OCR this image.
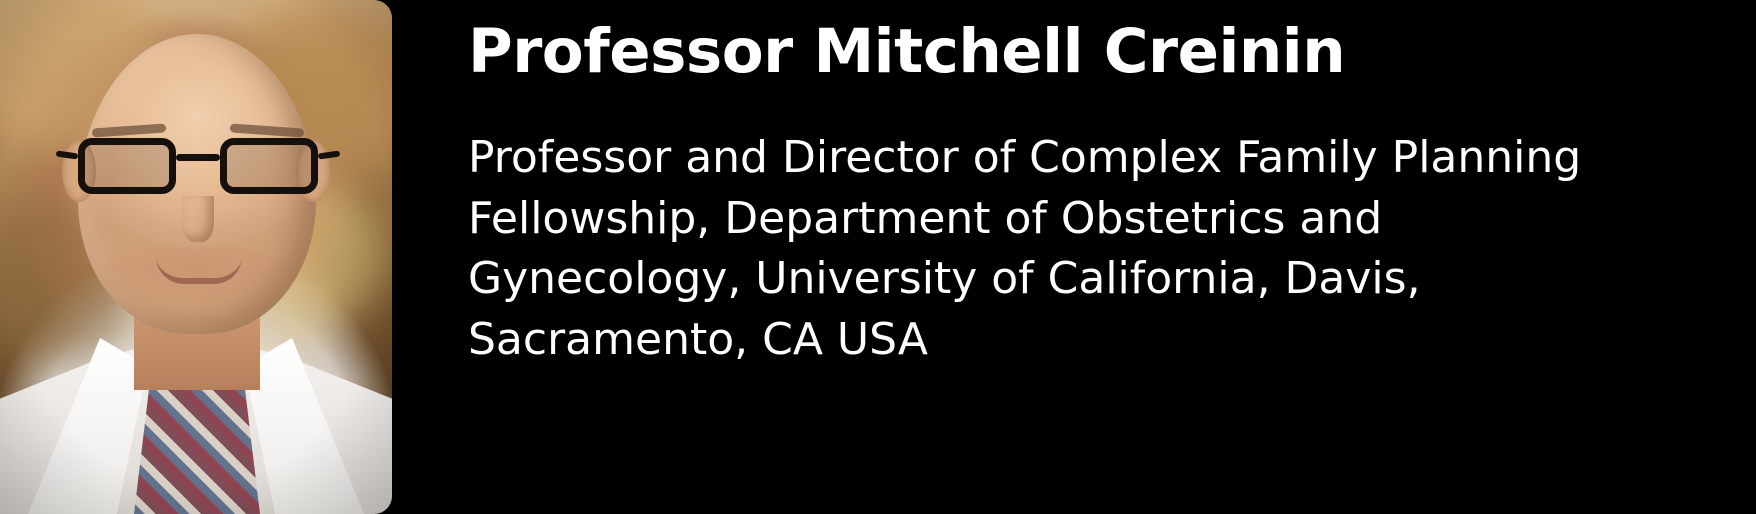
Professor Mitchell Creinin
Professor and Director of Complex Family Planning Fellowship, Department of Obstetrics and Gynecology, University of California, Davis, Sacramento, CA USA
